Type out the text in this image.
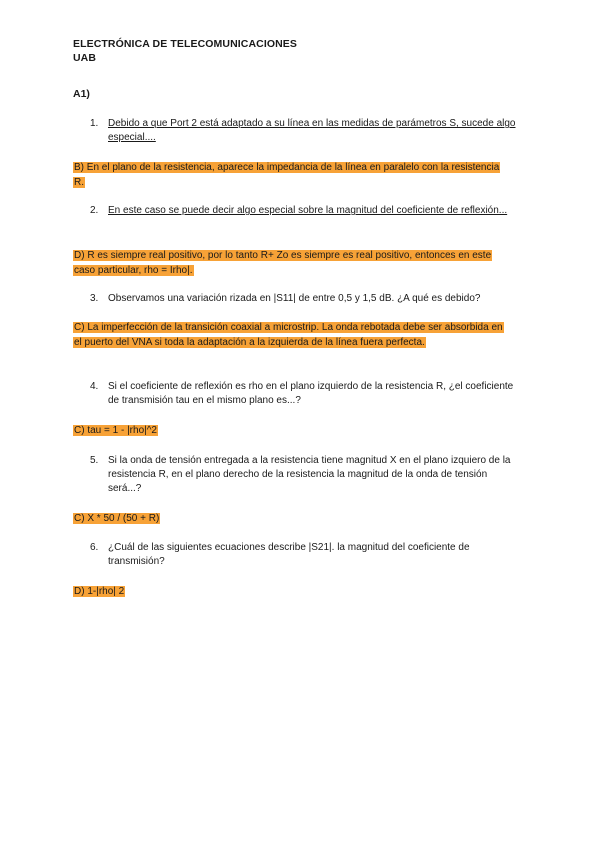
ELECTRÓNICA DE TELECOMUNICACIONES
UAB
A1)
1. Debido a que Port 2 está adaptado a su línea en las medidas de parámetros S, sucede algo especial....
B) En el plano de la resistencia, aparece la impedancia de la línea en paralelo con la resistencia R.
2. En este caso se puede decir algo especial sobre la magnitud del coeficiente de reflexión...
D) R es siempre real positivo, por lo tanto R+ Zo es siempre es real positivo, entonces en este caso particular, rho = Irho|.
3. Observamos una variación rizada en |S11| de entre 0,5 y 1,5 dB. ¿A qué es debido?
C) La imperfección de la transición coaxial a microstrip. La onda rebotada debe ser absorbida en el puerto del VNA si toda la adaptación a la izquierda de la línea fuera perfecta.
4. Si el coeficiente de reflexión es rho en el plano izquierdo de la resistencia R, ¿el coeficiente de transmisión tau en el mismo plano es...?
C) tau = 1 - |rho|^2
5. Si la onda de tensión entregada a la resistencia tiene magnitud X en el plano izquiero de la resistencia R, en el plano derecho de la resistencia la magnitud de la onda de tensión será...?
C) X * 50 / (50 + R)
6. ¿Cuál de las siguientes ecuaciones describe |S21|. la magnitud del coeficiente de transmisión?
D) 1-|rho| 2
